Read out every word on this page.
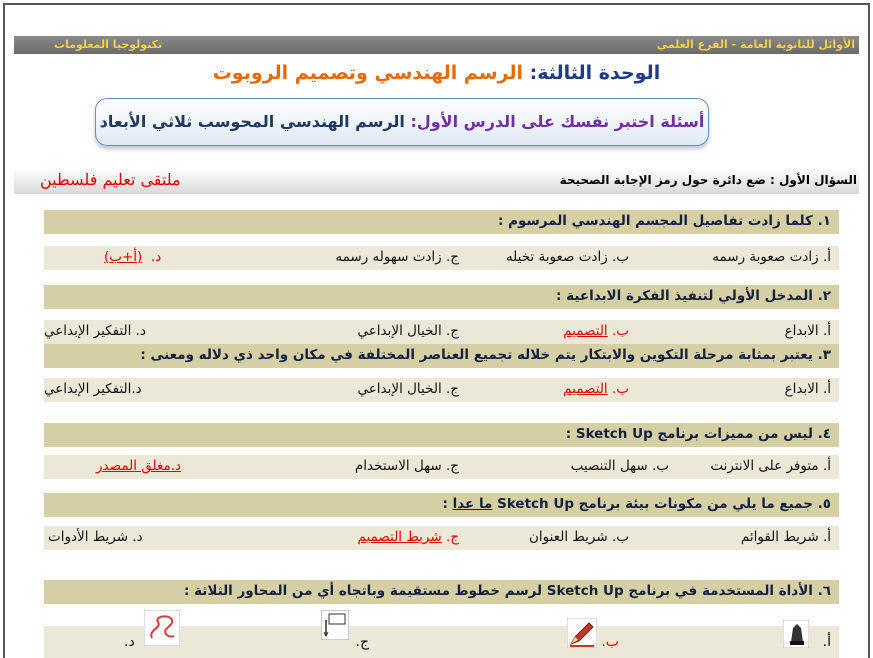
الأوائل للثانوية العامة - الفرع العلمي
تكنولوجيا المعلومات
الوحدة الثالثة: الرسم الهندسي وتصميم الروبوت
أسئلة اختبر نفسك على الدرس الأول: الرسم الهندسي المحوسب ثلاثي الأبعاد
السؤال الأول : ضع دائرة حول رمز الإجابة الصحيحة
ملتقى تعليم فلسطين
١. كلما زادت تفاصيل المجسم الهندسي المرسوم :
أ. زادت صعوبة رسمه
ب. زادت صعوبة تخيله
ج. زادت سهوله رسمه
د.  (أ+ب)
٢. المدخل الأولي لتنفيذ الفكرة الابداعية :
أ. الابداع
ب. التصميم
ج. الخيال الإبداعي
د. التفكير الإبداعي
٣. يعتبر بمثابة مرحلة التكوين والابتكار يتم خلاله تجميع العناصر المختلفة في مكان واحد ذي دلاله ومعنى :
أ. الابداع
ب. التصميم
ج. الخيال الإبداعي
د.التفكير الإبداعي
٤. ليس من مميزات برنامج Sketch Up :
أ. متوفر على الانترنت
ب. سهل التنصيب
ج. سهل الاستخدام
د.مغلق المصدر
٥. جميع ما يلي من مكونات بيئة برنامج Sketch Up ما عدا :
أ. شريط القوائم
ب. شريط العنوان
ج. شريط التصميم
د. شريط الأدوات
٦. الأداة المستخدمة في برنامج Sketch Up لرسم خطوط مستقيمة وباتجاه أي من المحاور الثلاثة :
أ.
ب.
ج.
د.
